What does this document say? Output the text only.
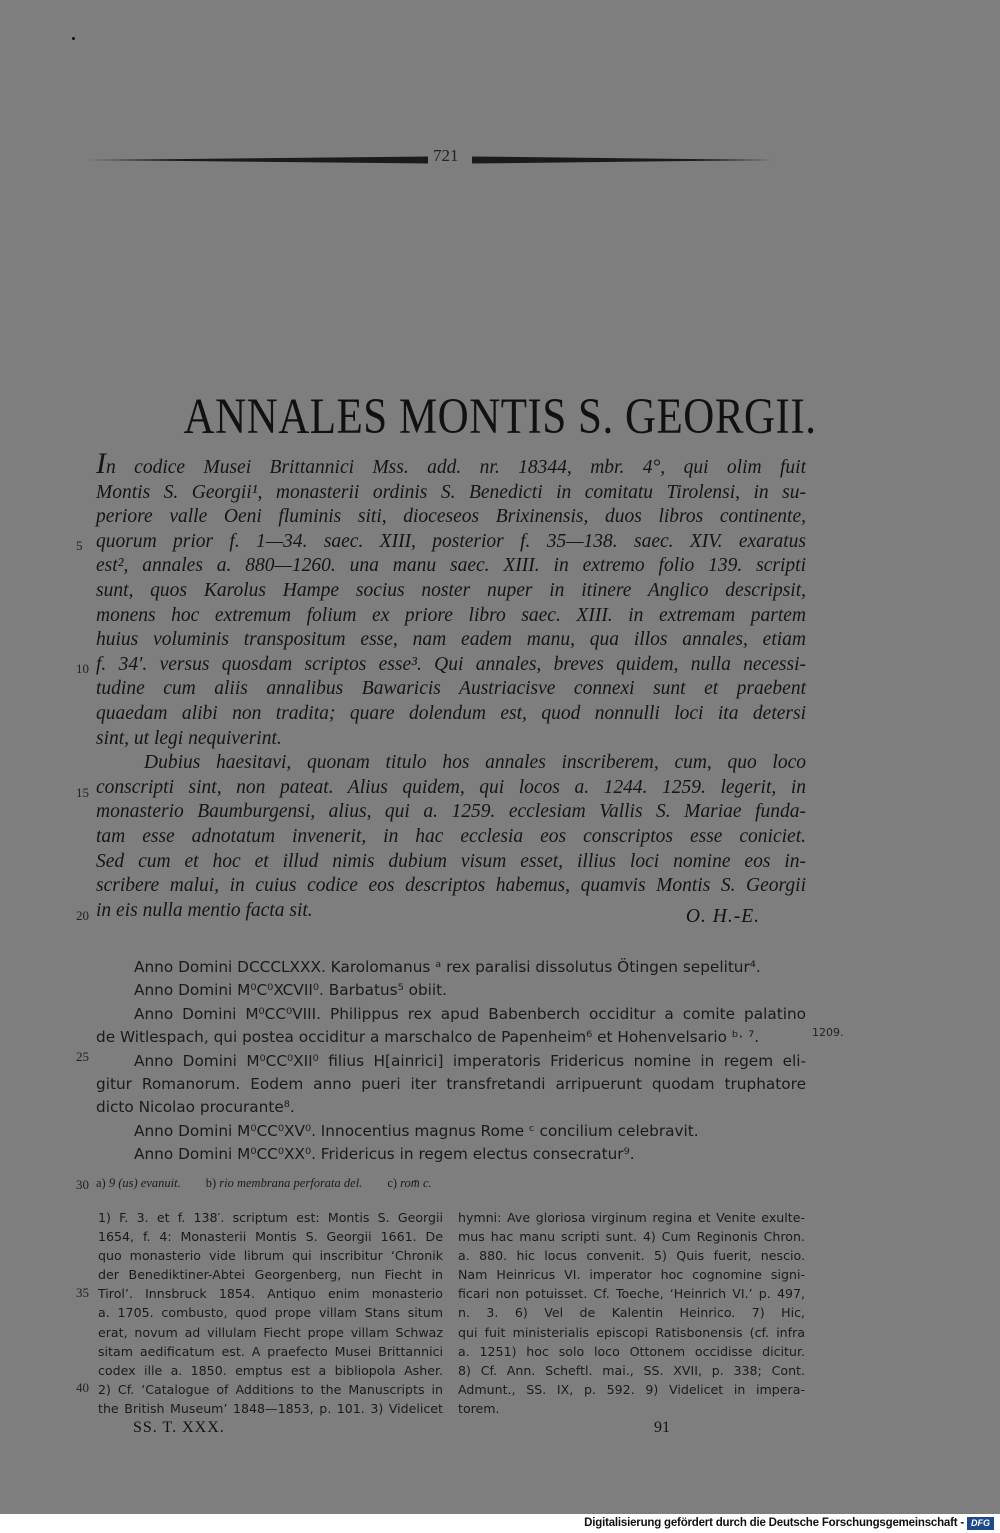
721
ANNALES MONTIS S. GEORGII.
In codice Musei Brittannici Mss. add. nr. 18344, mbr. 4°, qui olim fuit
Montis S. Georgii¹, monasterii ordinis S. Benedicti in comitatu Tirolensi, in su-
periore valle Oeni fluminis siti, dioceseos Brixinensis, duos libros continente,
quorum prior f. 1—34. saec. XIII, posterior f. 35—138. saec. XIV. exaratus
est², annales a. 880—1260. una manu saec. XIII. in extremo folio 139. scripti
sunt, quos Karolus Hampe socius noster nuper in itinere Anglico descripsit,
monens hoc extremum folium ex priore libro saec. XIII. in extremam partem
huius voluminis transpositum esse, nam eadem manu, qua illos annales, etiam
f. 34′. versus quosdam scriptos esse³. Qui annales, breves quidem, nulla necessi-
tudine cum aliis annalibus Bawaricis Austriacisve connexi sunt et praebent
quaedam alibi non tradita; quare dolendum est, quod nonnulli loci ita detersi
sint, ut legi nequiverint.
Dubius haesitavi, quonam titulo hos annales inscriberem, cum, quo loco
conscripti sint, non pateat. Alius quidem, qui locos a. 1244. 1259. legerit, in
monasterio Baumburgensi, alius, qui a. 1259. ecclesiam Vallis S. Mariae funda-
tam esse adnotatum invenerit, in hac ecclesia eos conscriptos esse coniciet.
Sed cum et hoc et illud nimis dubium visum esset, illius loci nomine eos in-
scribere malui, in cuius codice eos descriptos habemus, quamvis Montis S. Georgii
in eis nulla mentio facta sit.	O. H.-E.
5
10
15
20
25
30
35
40
Anno Domini DCCCLXXX. Karolomanus ᵃ rex paralisi dissolutus Ötingen sepelitur⁴.
Anno Domini M⁰C⁰XCVII⁰. Barbatus⁵ obiit.
Anno Domini M⁰CC⁰VIII. Philippus rex apud Babenberch occiditur a comite palatino
de Witlespach, qui postea occiditur a marschalco de Papenheim⁶ et Hohenvelsario ᵇ· ⁷.
Anno Domini M⁰CC⁰XII⁰ filius H[ainrici] imperatoris Fridericus nomine in regem eli-
gitur Romanorum. Eodem anno pueri iter transfretandi arripuerunt quodam truphatore
dicto Nicolao procurante⁸.
Anno Domini M⁰CC⁰XV⁰. Innocentius magnus Rome ᶜ concilium celebravit.
Anno Domini M⁰CC⁰XX⁰. Fridericus in regem electus consecratur⁹.
1209.
a) 9 (us) evanuit. b) rio membrana perforata del. c) rom̄ c.
1) F. 3. et f. 138′. scriptum est: Montis S. Georgii
1654, f. 4: Monasterii Montis S. Georgii 1661. De
quo monasterio vide librum qui inscribitur ‘Chronik
der Benediktiner-Abtei Georgenberg, nun Fiecht in
Tirol’. Innsbruck 1854. Antiquo enim monasterio
a. 1705. combusto, quod prope villam Stans situm
erat, novum ad villulam Fiecht prope villam Schwaz
sitam aedificatum est. A praefecto Musei Brittannici
codex ille a. 1850. emptus est a bibliopola Asher.
2) Cf. ‘Catalogue of Additions to the Manuscripts in
the British Museum’ 1848—1853, p. 101. 3) Videlicet
hymni: Ave gloriosa virginum regina et Venite exulte-
mus hac manu scripti sunt. 4) Cum Reginonis Chron.
a. 880. hic locus convenit. 5) Quis fuerit, nescio.
Nam Heinricus VI. imperator hoc cognomine signi-
ficari non potuisset. Cf. Toeche, ‘Heinrich VI.’ p. 497,
n. 3. 6) Vel de Kalentin Heinrico. 7) Hic,
qui fuit ministerialis episcopi Ratisbonensis (cf. infra
a. 1251) hoc solo loco Ottonem occidisse dicitur.
8) Cf. Ann. Scheftl. mai., SS. XVII, p. 338; Cont.
Admunt., SS. IX, p. 592. 9) Videlicet in impera-
torem.
SS. T. XXX.	91
Digitalisierung gefördert durch die Deutsche Forschungsgemeinschaft - DFG
